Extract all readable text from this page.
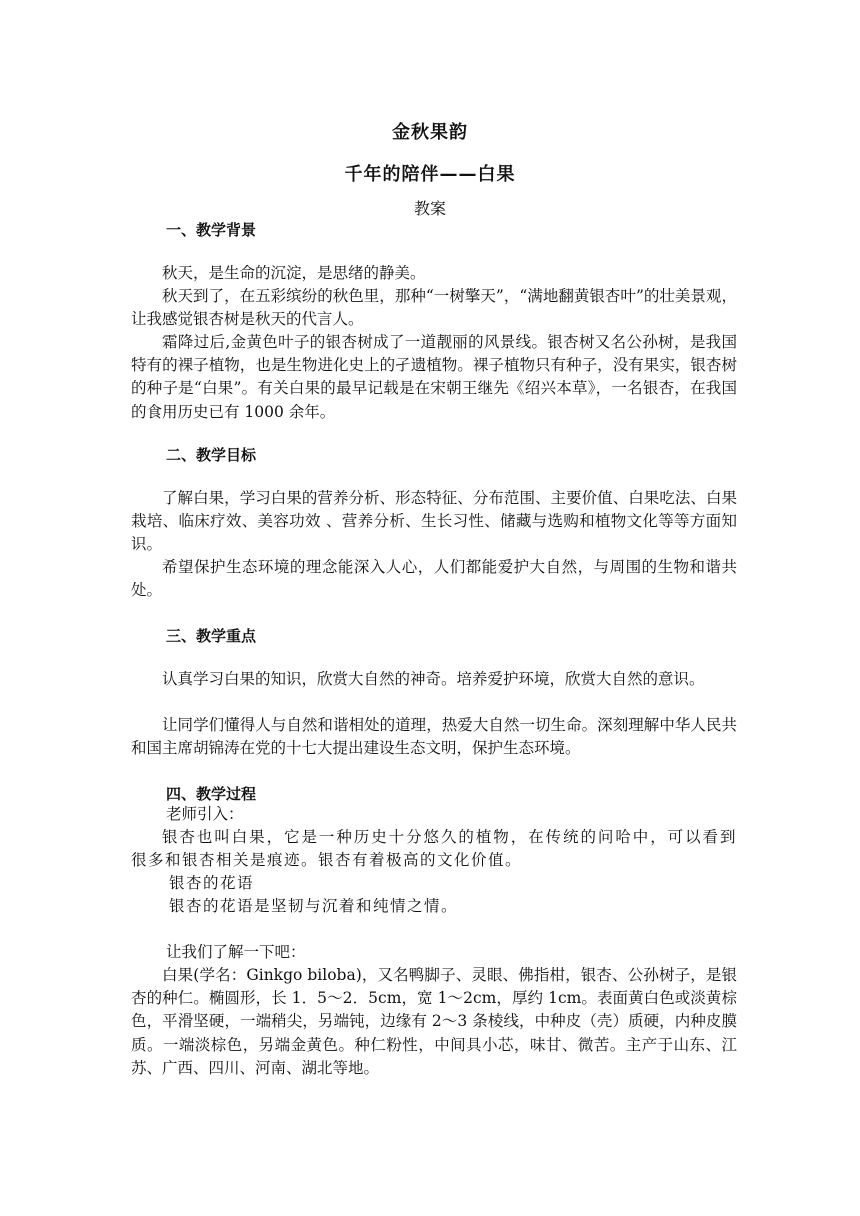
金秋果韵
千年的陪伴——白果
教案
一、教学背景
秋天，是生命的沉淀，是思绪的静美。
秋天到了，在五彩缤纷的秋色里，那种“一树擎天”，“满地翻黄银杏叶”的壮美景观，让我感觉银杏树是秋天的代言人。
霜降过后,金黄色叶子的银杏树成了一道靓丽的风景线。银杏树又名公孙树，是我国特有的裸子植物，也是生物进化史上的孑遗植物。裸子植物只有种子，没有果实，银杏树的种子是“白果”。有关白果的最早记载是在宋朝王继先《绍兴本草》，一名银杏，在我国的食用历史已有 1000 余年。
二、教学目标
了解白果，学习白果的营养分析、形态特征、分布范围、主要价值、白果吃法、白果栽培、临床疗效、美容功效 、营养分析、生长习性、储藏与选购和植物文化等等方面知识。
希望保护生态环境的理念能深入人心，人们都能爱护大自然，与周围的生物和谐共处。
三、教学重点
认真学习白果的知识，欣赏大自然的神奇。培养爱护环境，欣赏大自然的意识。
让同学们懂得人与自然和谐相处的道理，热爱大自然一切生命。深刻理解中华人民共和国主席胡锦涛在党的十七大提出建设生态文明，保护生态环境。
四、教学过程
老师引入：
银杏也叫白果，它是一种历史十分悠久的植物，在传统的问哈中，可以看到很多和银杏相关是痕迹。银杏有着极高的文化价值。
银杏的花语
银杏的花语是坚韧与沉着和纯情之情。
让我们了解一下吧：
白果(学名：Ginkgo biloba)，又名鸭脚子、灵眼、佛指柑，银杏、公孙树子，是银杏的种仁。椭圆形，长 1．5～2．5cm，宽 1～2cm，厚约 1cm。表面黄白色或淡黄棕色，平滑坚硬，一端稍尖，另端钝，边缘有 2～3 条棱线，中种皮（壳）质硬，内种皮膜质。一端淡棕色，另端金黄色。种仁粉性，中间具小芯，味甘、微苦。主产于山东、江苏、广西、四川、河南、湖北等地。
